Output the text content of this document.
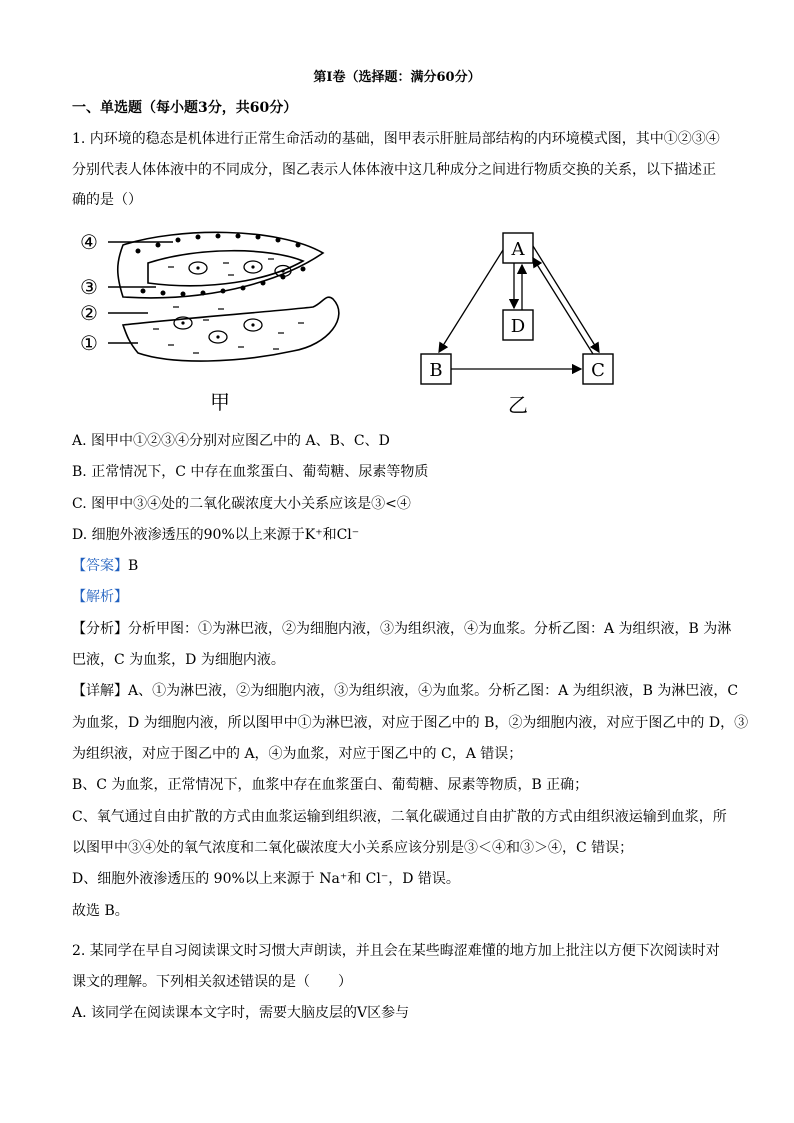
第Ⅰ卷（选择题：满分60分）
一、单选题（每小题3分，共60分）
1. 内环境的稳态是机体进行正常生命活动的基础，图甲表示肝脏局部结构的内环境模式图，其中①②③④
分别代表人体体液中的不同成分，图乙表示人体体液中这几种成分之间进行物质交换的关系，以下描述正
确的是（）
④
③
②
①
甲
A
D
B	C
乙
A. 图甲中①②③④分别对应图乙中的 A、B、C、D
B. 正常情况下，C 中存在血浆蛋白、葡萄糖、尿素等物质
C. 图甲中③④处的二氧化碳浓度大小关系应该是③<④
D. 细胞外液渗透压的90%以上来源于K⁺和Cl⁻
【答案】B
【解析】
【分析】分析甲图：①为淋巴液，②为细胞内液，③为组织液，④为血浆。分析乙图：A 为组织液，B 为淋
巴液，C 为血浆，D 为细胞内液。
【详解】A、①为淋巴液，②为细胞内液，③为组织液，④为血浆。分析乙图：A 为组织液，B 为淋巴液，C
为血浆，D 为细胞内液，所以图甲中①为淋巴液，对应于图乙中的 B，②为细胞内液，对应于图乙中的 D，③
为组织液，对应于图乙中的 A，④为血浆，对应于图乙中的 C，A 错误；
B、C 为血浆，正常情况下，血浆中存在血浆蛋白、葡萄糖、尿素等物质，B 正确；
C、氧气通过自由扩散的方式由血浆运输到组织液，二氧化碳通过自由扩散的方式由组织液运输到血浆，所
以图甲中③④处的氧气浓度和二氧化碳浓度大小关系应该分别是③＜④和③＞④，C 错误；
D、细胞外液渗透压的 90%以上来源于 Na⁺和 Cl⁻，D 错误。
故选 B。
2. 某同学在早自习阅读课文时习惯大声朗读，并且会在某些晦涩难懂的地方加上批注以方便下次阅读时对
课文的理解。下列相关叙述错误的是（　　）
A. 该同学在阅读课本文字时，需要大脑皮层的Ⅴ区参与
